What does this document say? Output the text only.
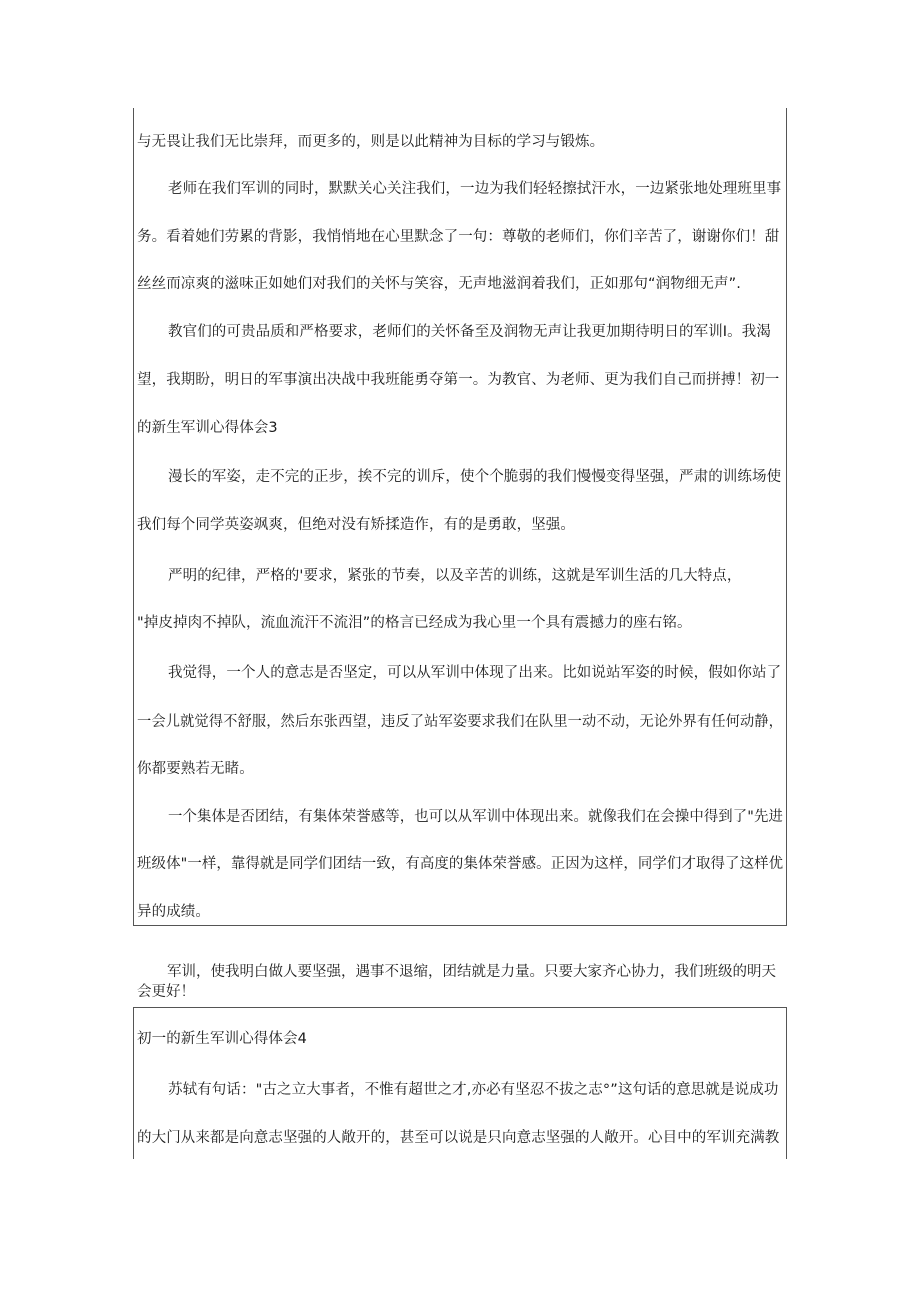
与无畏让我们无比崇拜，而更多的，则是以此精神为目标的学习与锻炼。
老师在我们军训的同时，默默关心关注我们，一边为我们轻轻擦拭汗水，一边紧张地处理班里事
务。看着她们劳累的背影，我悄悄地在心里默念了一句：尊敬的老师们，你们辛苦了，谢谢你们！甜
丝丝而凉爽的滋味正如她们对我们的关怀与笑容，无声地滋润着我们，正如那句“润物细无声”.
教官们的可贵品质和严格要求，老师们的关怀备至及润物无声让我更加期待明日的军训I。我渴
望，我期盼，明日的军事演出决战中我班能勇夺第一。为教官、为老师、更为我们自己而拼搏！初一
的新生军训心得体会3
漫长的军姿，走不完的正步，挨不完的训斥，使个个脆弱的我们慢慢变得坚强，严肃的训练场使
我们每个同学英姿飒爽，但绝对没有矫揉造作，有的是勇敢，坚强。
严明的纪律，严格的'要求，紧张的节奏，以及辛苦的训练，这就是军训生活的几大特点，
"掉皮掉肉不掉队，流血流汗不流泪”的格言已经成为我心里一个具有震撼力的座右铭。
我觉得，一个人的意志是否坚定，可以从军训中体现了出来。比如说站军姿的时候，假如你站了
一会儿就觉得不舒服，然后东张西望，违反了站军姿要求我们在队里一动不动，无论外界有任何动静，
你都要熟若无睹。
一个集体是否团结，有集体荣誉感等，也可以从军训中体现出来。就像我们在会操中得到了"先进
班级体"一样，靠得就是同学们团结一致，有高度的集体荣誉感。正因为这样，同学们才取得了这样优
异的成绩。
军训，使我明白做人要坚强，遇事不退缩，团结就是力量。只要大家齐心协力，我们班级的明天会更好！
初一的新生军训心得体会4
苏轼有句话："古之立大事者，不惟有超世之才,亦必有坚忍不拔之志°”这句话的意思就是说成功
的大门从来都是向意志坚强的人敞开的，甚至可以说是只向意志坚强的人敞开。心目中的军训充满教
